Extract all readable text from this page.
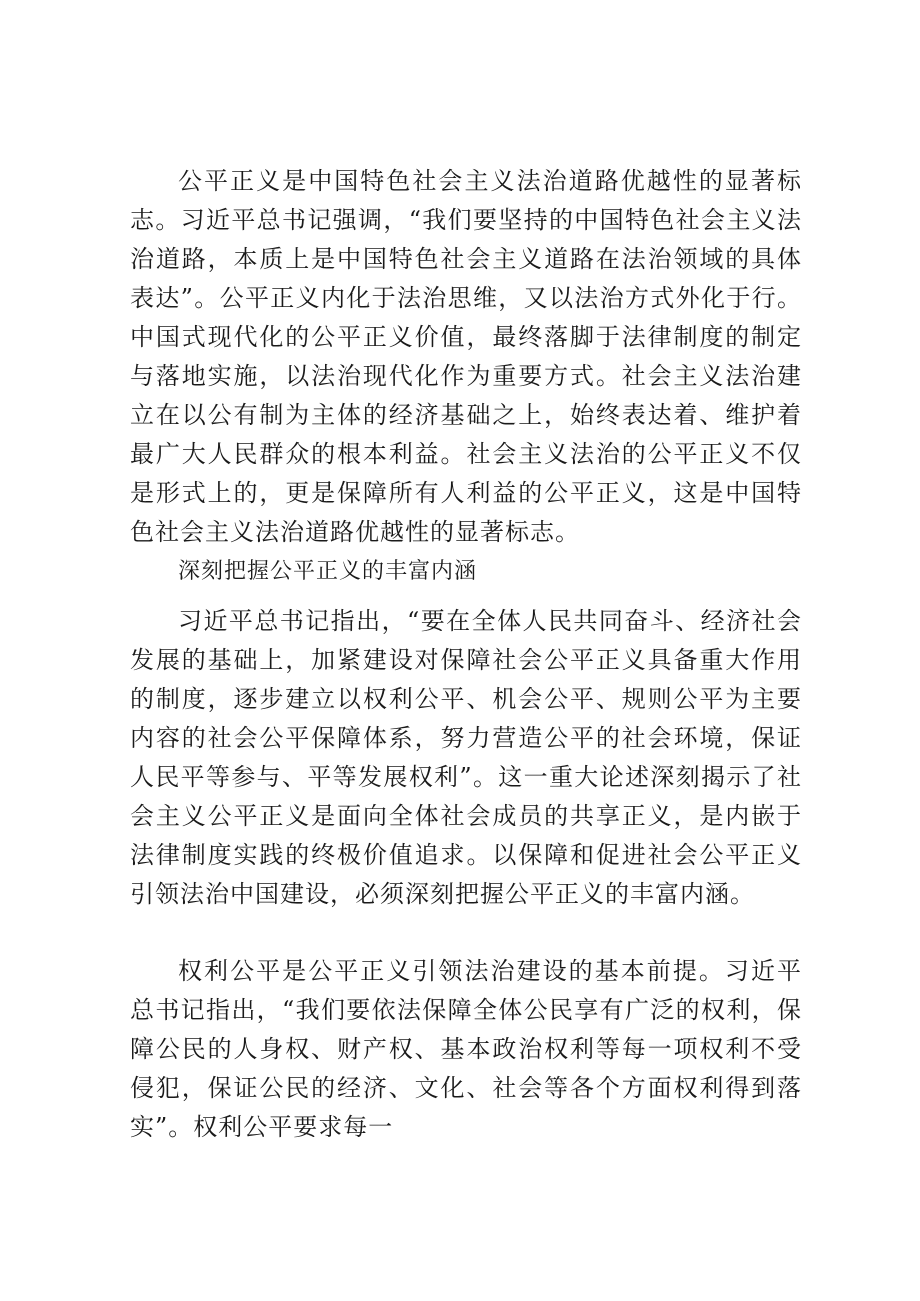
公平正义是中国特色社会主义法治道路优越性的显著标志。习近平总书记强调，“我们要坚持的中国特色社会主义法治道路，本质上是中国特色社会主义道路在法治领域的具体表达”。公平正义内化于法治思维，又以法治方式外化于行。中国式现代化的公平正义价值，最终落脚于法律制度的制定与落地实施，以法治现代化作为重要方式。社会主义法治建立在以公有制为主体的经济基础之上，始终表达着、维护着最广大人民群众的根本利益。社会主义法治的公平正义不仅是形式上的，更是保障所有人利益的公平正义，这是中国特色社会主义法治道路优越性的显著标志。

深刻把握公平正义的丰富内涵

习近平总书记指出，“要在全体人民共同奋斗、经济社会发展的基础上，加紧建设对保障社会公平正义具备重大作用的制度，逐步建立以权利公平、机会公平、规则公平为主要内容的社会公平保障体系，努力营造公平的社会环境，保证人民平等参与、平等发展权利”。这一重大论述深刻揭示了社会主义公平正义是面向全体社会成员的共享正义，是内嵌于法律制度实践的终极价值追求。以保障和促进社会公平正义引领法治中国建设，必须深刻把握公平正义的丰富内涵。

权利公平是公平正义引领法治建设的基本前提。习近平总书记指出，“我们要依法保障全体公民享有广泛的权利，保障公民的人身权、财产权、基本政治权利等每一项权利不受侵犯，保证公民的经济、文化、社会等各个方面权利得到落实”。权利公平要求每一
